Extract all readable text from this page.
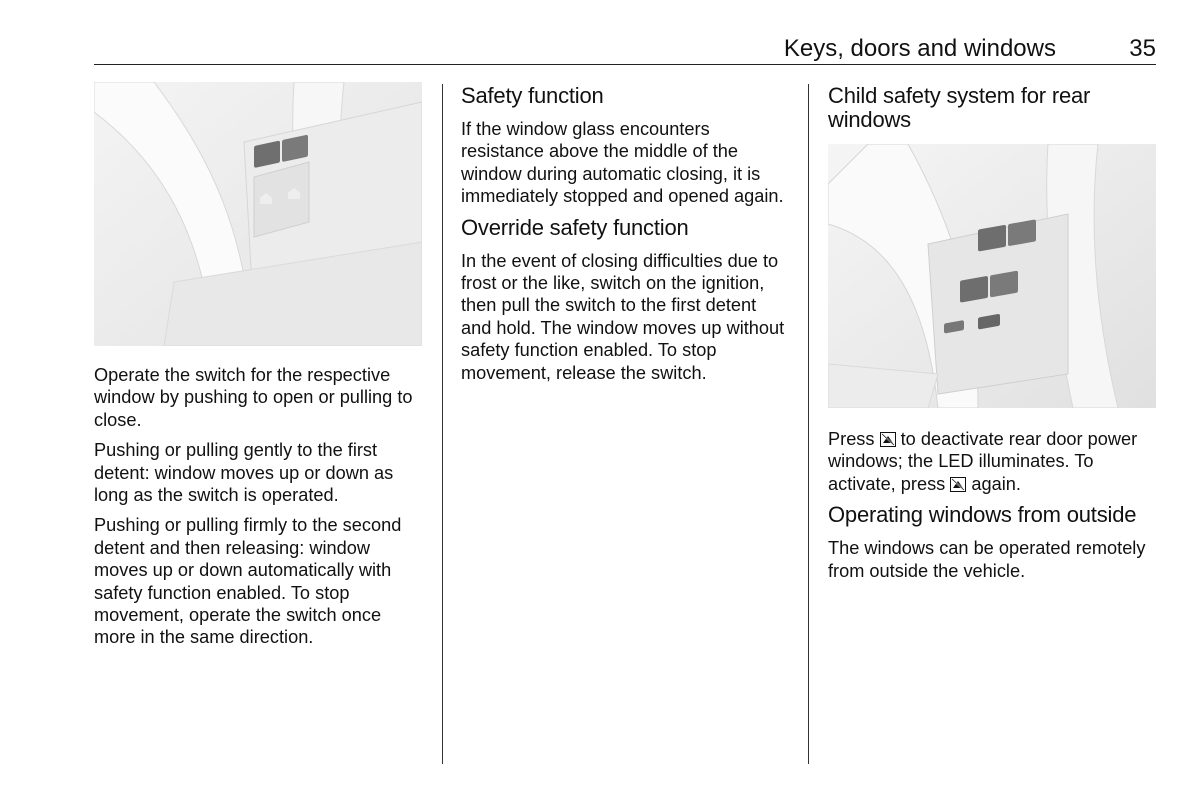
Keys, doors and windows	35

Operate the switch for the respective window by pushing to open or pulling to close.

Pushing or pulling gently to the first detent: window moves up or down as long as the switch is operated.

Pushing or pulling firmly to the second detent and then releasing: window moves up or down automatically with safety function enabled. To stop movement, operate the switch once more in the same direction.

Safety function

If the window glass encounters resistance above the middle of the window during automatic closing, it is immediately stopped and opened again.

Override safety function

In the event of closing difficulties due to frost or the like, switch on the ignition, then pull the switch to the first detent and hold. The window moves up without safety function enabled. To stop movement, release the switch.

Child safety system for rear windows

Press to deactivate rear door power windows; the LED illuminates. To activate, press again.

Operating windows from outside

The windows can be operated remotely from outside the vehicle.
